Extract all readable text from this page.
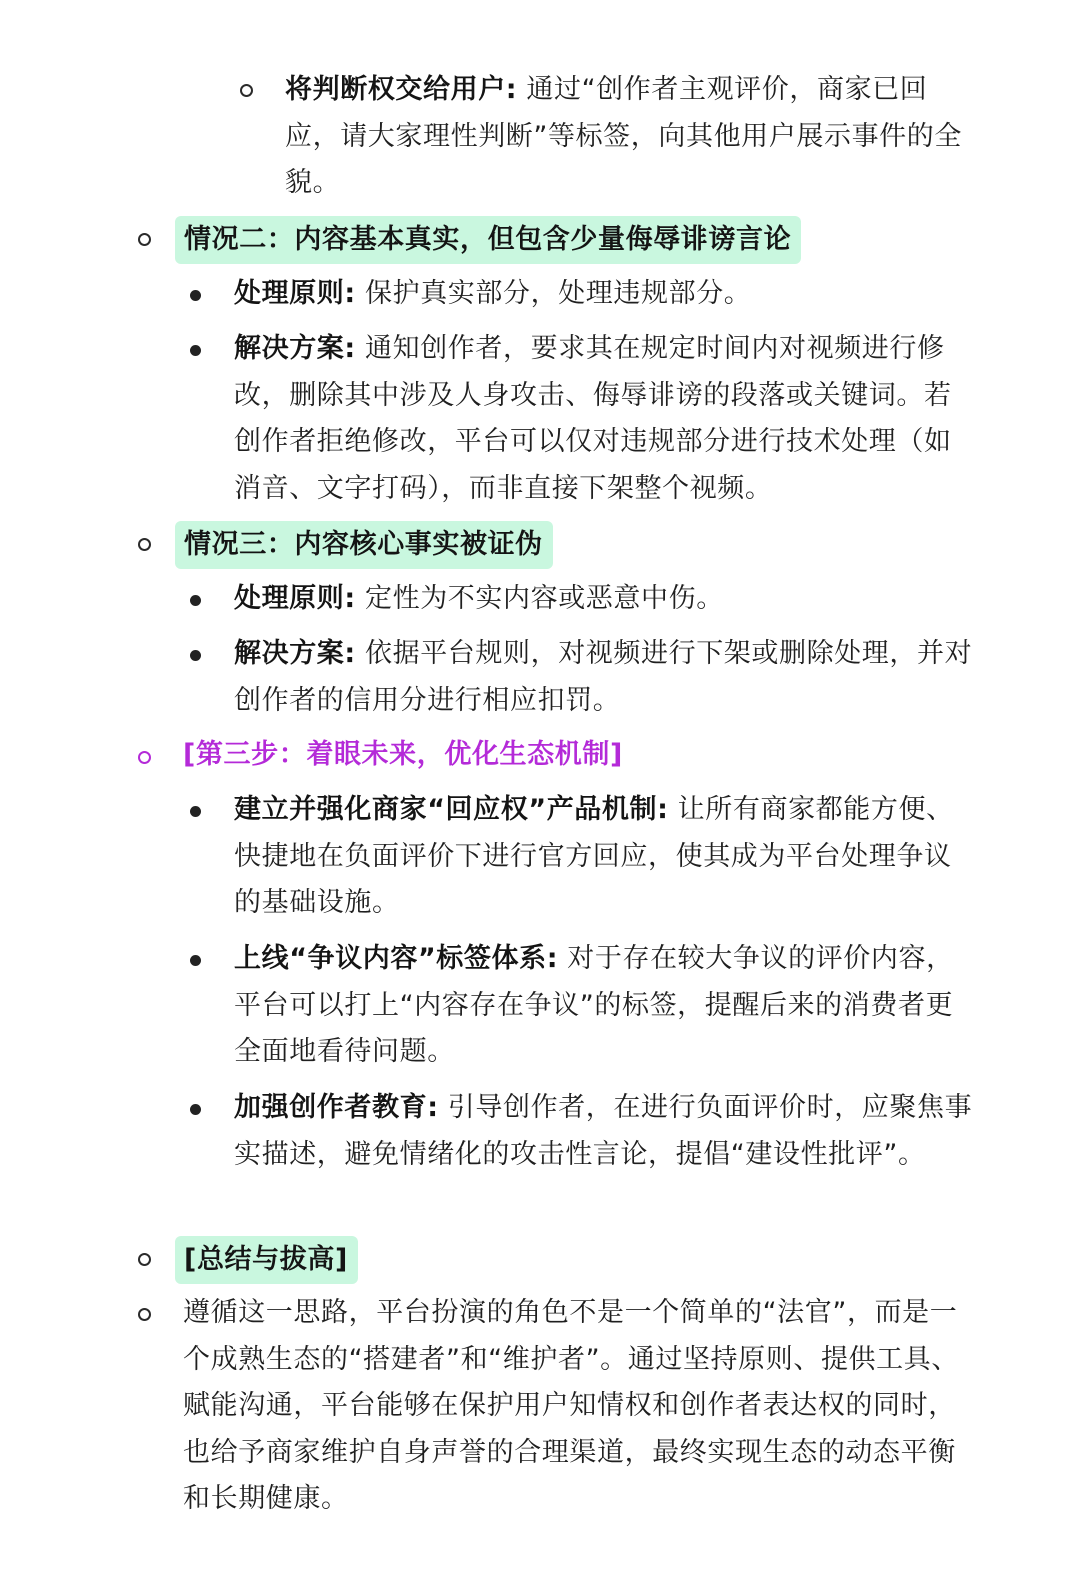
将判断权交给用户: 通过“创作者主观评价，商家已回应，请大家理性判断”等标签，向其他用户展示事件的全貌。
情况二：内容基本真实，但包含少量侮辱诽谤言论
处理原则: 保护真实部分，处理违规部分。
解决方案: 通知创作者，要求其在规定时间内对视频进行修改，删除其中涉及人身攻击、侮辱诽谤的段落或关键词。若创作者拒绝修改，平台可以仅对违规部分进行技术处理（如消音、文字打码），而非直接下架整个视频。
情况三：内容核心事实被证伪
处理原则: 定性为不实内容或恶意中伤。
解决方案: 依据平台规则，对视频进行下架或删除处理，并对创作者的信用分进行相应扣罚。
[第三步：着眼未来，优化生态机制]
建立并强化商家“回应权”产品机制: 让所有商家都能方便、快捷地在负面评价下进行官方回应，使其成为平台处理争议的基础设施。
上线“争议内容”标签体系: 对于存在较大争议的评价内容，平台可以打上“内容存在争议”的标签，提醒后来的消费者更全面地看待问题。
加强创作者教育: 引导创作者，在进行负面评价时，应聚焦事实描述，避免情绪化的攻击性言论，提倡“建设性批评”。
[总结与拔高]
遵循这一思路，平台扮演的角色不是一个简单的“法官”，而是一个成熟生态的“搭建者”和“维护者”。通过坚持原则、提供工具、赋能沟通，平台能够在保护用户知情权和创作者表达权的同时，也给予商家维护自身声誉的合理渠道，最终实现生态的动态平衡和长期健康。
